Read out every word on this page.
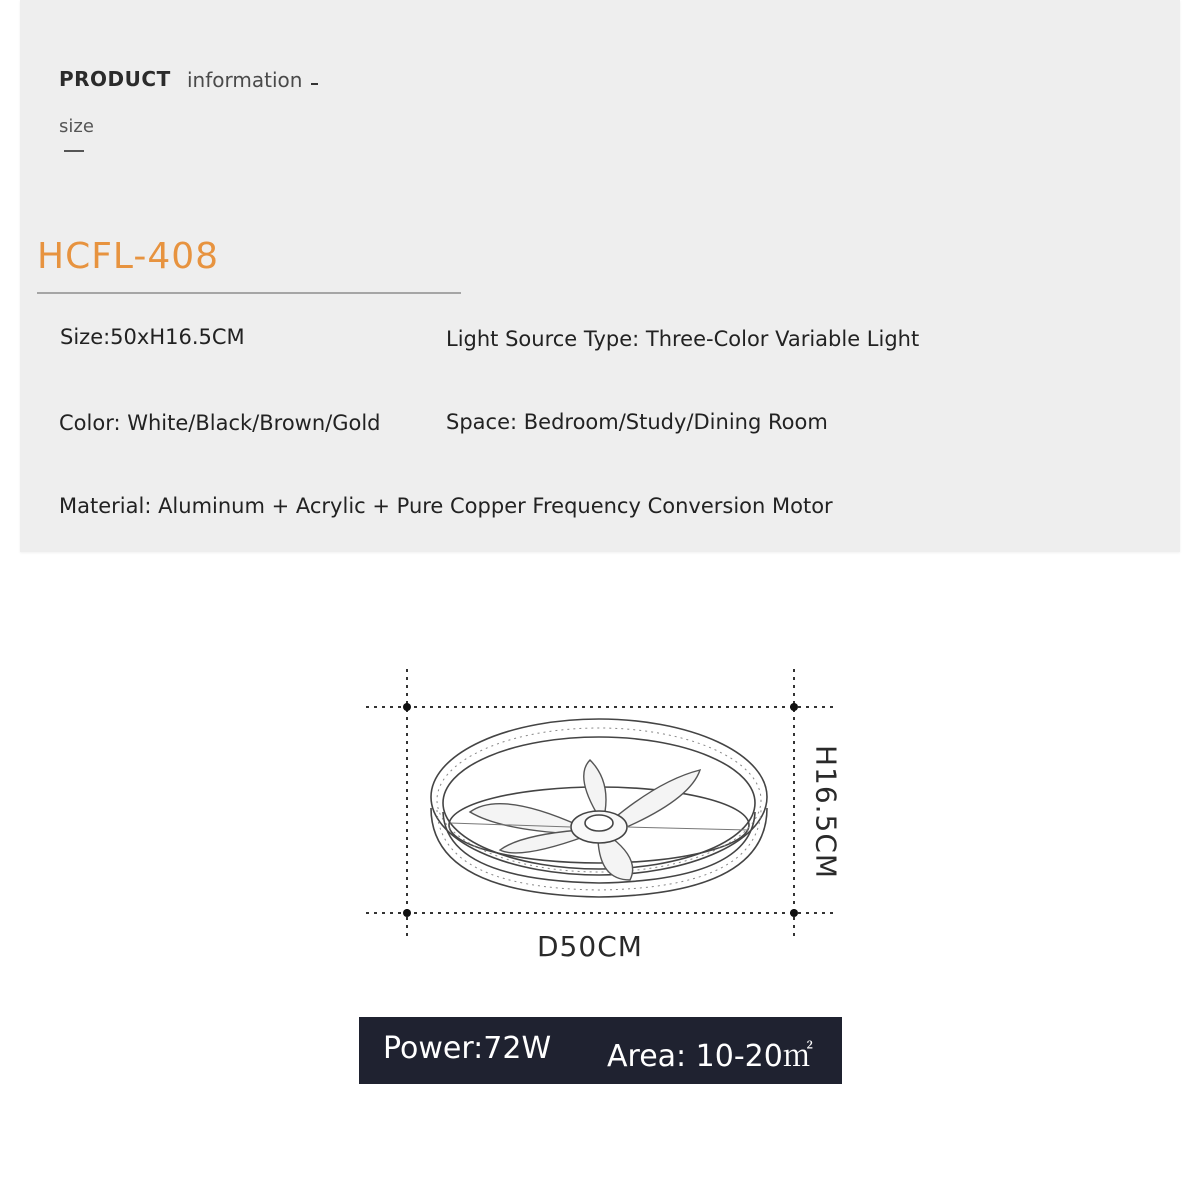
PRODUCT information
size
HCFL-408
Size:50xH16.5CM	Light Source Type: Three-Color Variable Light
Color: White/Black/Brown/Gold	Space: Bedroom/Study/Dining Room
Material: Aluminum + Acrylic + Pure Copper Frequency Conversion Motor
D50CM
H16.5CM
Power:72W Area: 10-20㎡
